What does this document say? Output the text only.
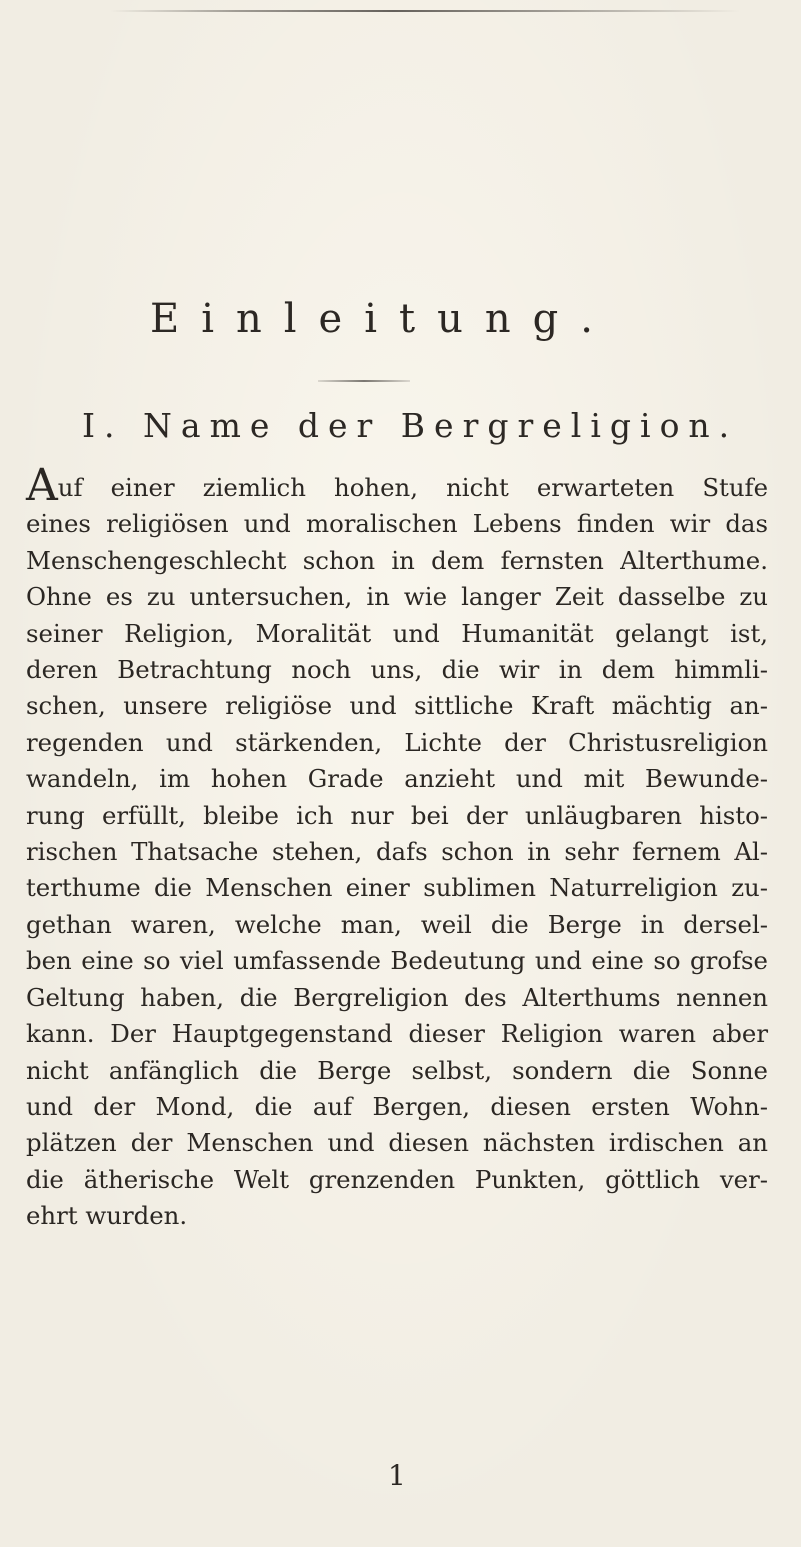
Einleitung.
I. Name der Bergreligion.
Auf einer ziemlich hohen, nicht erwarteten Stufe
eines religiösen und moralischen Lebens finden wir das
Menschengeschlecht schon in dem fernsten Alterthume.
Ohne es zu untersuchen, in wie langer Zeit dasselbe zu
seiner Religion, Moralität und Humanität gelangt ist,
deren Betrachtung noch uns, die wir in dem himmli-
schen, unsere religiöse und sittliche Kraft mächtig an-
regenden und stärkenden, Lichte der Christusreligion
wandeln, im hohen Grade anzieht und mit Bewunde-
rung erfüllt, bleibe ich nur bei der unläugbaren histo-
rischen Thatsache stehen, dafs schon in sehr fernem Al-
terthume die Menschen einer sublimen Naturreligion zu-
gethan waren, welche man, weil die Berge in dersel-
ben eine so viel umfassende Bedeutung und eine so grofse
Geltung haben, die Bergreligion des Alterthums nennen
kann. Der Hauptgegenstand dieser Religion waren aber
nicht anfänglich die Berge selbst, sondern die Sonne
und der Mond, die auf Bergen, diesen ersten Wohn-
plätzen der Menschen und diesen nächsten irdischen an
die ätherische Welt grenzenden Punkten, göttlich ver-
ehrt wurden.
1
